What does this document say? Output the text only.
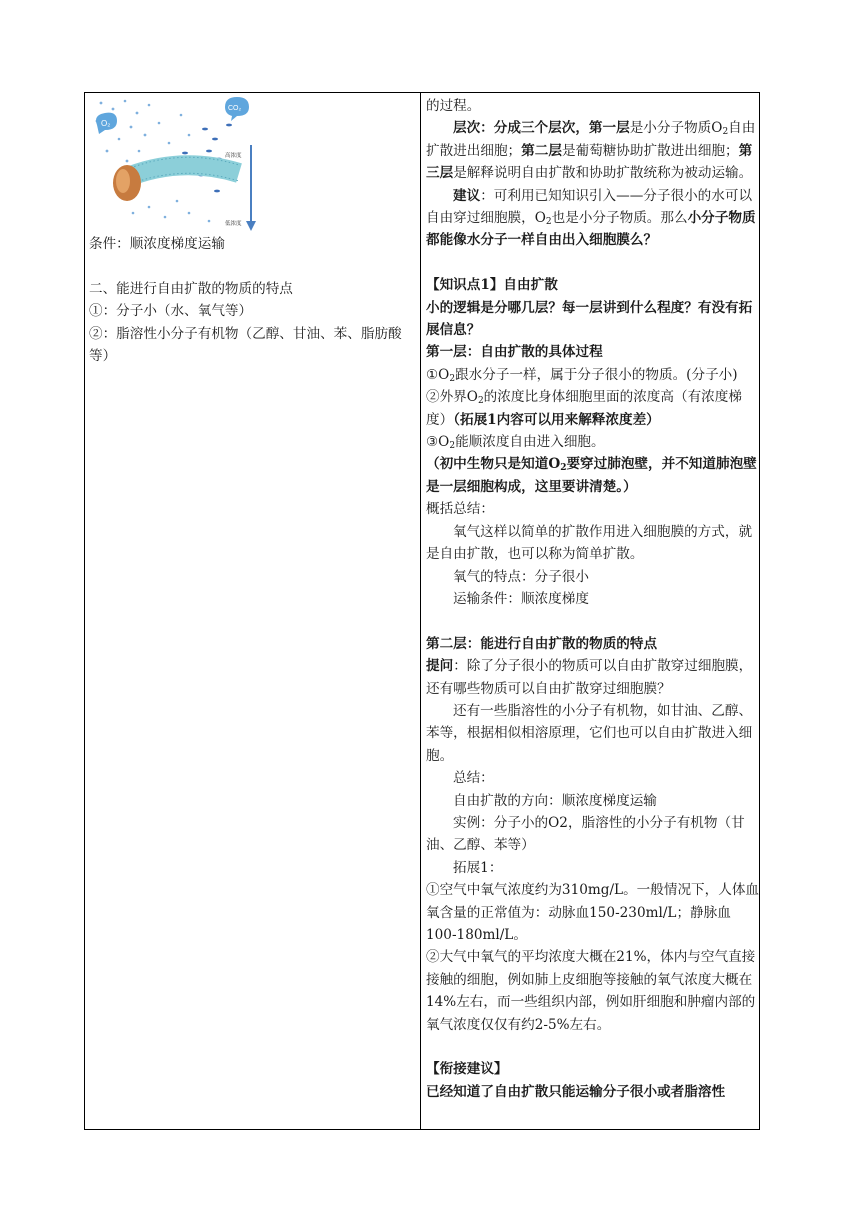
O₂
CO₂
高浓度
低浓度

条件：顺浓度梯度运输

二、能进行自由扩散的物质的特点

①：分子小（水、氧气等）

②：脂溶性小分子有机物（乙醇、甘油、苯、脂肪酸等）

的过程。

层次：分成三个层次，第一层是小分子物质$O_2$自由扩散进出细胞；第二层是葡萄糖协助扩散进出细胞；第三层是解释说明自由扩散和协助扩散统称为被动运输。

建议：可利用已知知识引入——分子很小的水可以自由穿过细胞膜，$O_2$也是小分子物质。那么小分子物质都能像水分子一样自由出入细胞膜么？

【知识点1】自由扩散

小的逻辑是分哪几层？每一层讲到什么程度？有没有拓展信息？

第一层：自由扩散的具体过程

$①O_2$跟水分子一样，属于分子很小的物质。(分子小)

②外界$O_2$的浓度比身体细胞里面的浓度高（有浓度梯度）（拓展1内容可以用来解释浓度差）

$③O_2$能顺浓度自由进入细胞。

（初中生物只是知道$O_2$要穿过肺泡壁，并不知道肺泡壁是一层细胞构成，这里要讲清楚。）

概括总结：

氧气这样以简单的扩散作用进入细胞膜的方式，就是自由扩散，也可以称为简单扩散。

氧气的特点：分子很小

运输条件：顺浓度梯度

第二层：能进行自由扩散的物质的特点

提问：除了分子很小的物质可以自由扩散穿过细胞膜，还有哪些物质可以自由扩散穿过细胞膜？

还有一些脂溶性的小分子有机物，如甘油、乙醇、苯等，根据相似相溶原理，它们也可以自由扩散进入细胞。

总结：

自由扩散的方向：顺浓度梯度运输

实例：分子小的O2，脂溶性的小分子有机物（甘油、乙醇、苯等）

拓展1：

①空气中氧气浓度约为310mg/L。一般情况下，人体血氧含量的正常值为：动脉血150-230ml/L；静脉血100-180ml/L。

②大气中氧气的平均浓度大概在21%，体内与空气直接接触的细胞，例如肺上皮细胞等接触的氧气浓度大概在14%左右，而一些组织内部，例如肝细胞和肿瘤内部的氧气浓度仅仅有约2-5%左右。

【衔接建议】

已经知道了自由扩散只能运输分子很小或者脂溶性
